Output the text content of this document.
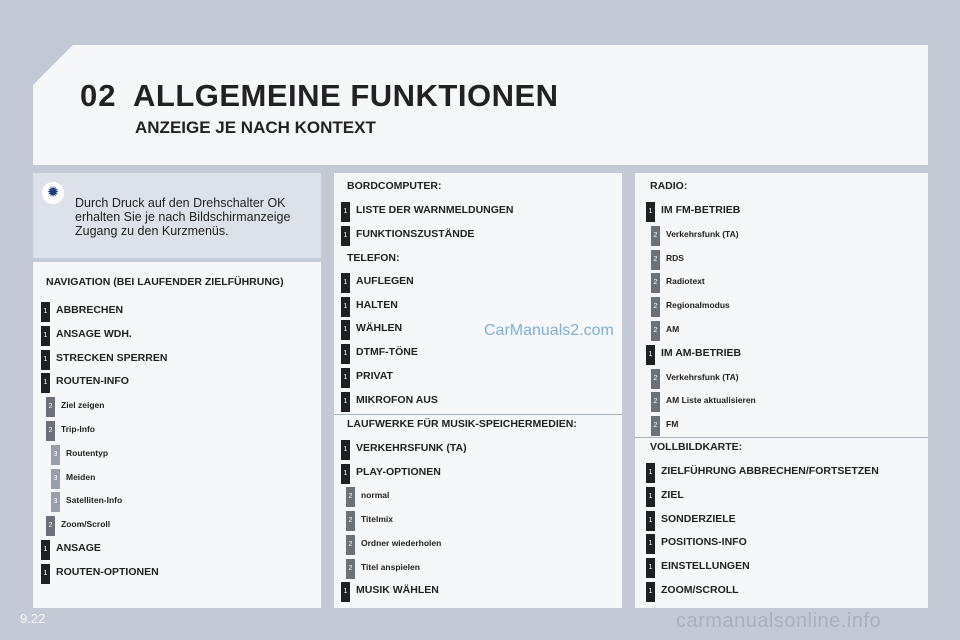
02 ALLGEMEINE FUNKTIONEN
ANZEIGE JE NACH KONTEXT
✹
Durch Druck auf den Drehschalter OK
erhalten Sie je nach Bildschirmanzeige
Zugang zu den Kurzmenüs.
NAVIGATION (BEI LAUFENDER ZIELFÜHRUNG)
BORDCOMPUTER:
TELEFON:
LAUFWERKE FÜR MUSIK-SPEICHERMEDIEN:
RADIO:
VOLLBILDKARTE:
CarManuals2.com
9.22	carmanualsonline.info
1 ABBRECHEN
1 ANSAGE WDH.
1 STRECKEN SPERREN
1 ROUTEN-INFO
2 Ziel zeigen
2 Trip-Info
3 Routentyp
3 Meiden
3 Satelliten-Info
2 Zoom/Scroll
1 ANSAGE
1 ROUTEN-OPTIONEN
1 LISTE DER WARNMELDUNGEN
1 FUNKTIONSZUSTÄNDE
1 AUFLEGEN
1 HALTEN
1 WÄHLEN
1 DTMF-TÖNE
1 PRIVAT
1 MIKROFON AUS
1 VERKEHRSFUNK (TA)
1 PLAY-OPTIONEN
2 normal
2 Titelmix
2 Ordner wiederholen
2 Titel anspielen
1 MUSIK WÄHLEN
1 IM FM-BETRIEB
2 Verkehrsfunk (TA)
2 RDS
2 Radiotext
2 Regionalmodus
2 AM
1 IM AM-BETRIEB
2 Verkehrsfunk (TA)
2 AM Liste aktualisieren
2 FM
1 ZIELFÜHRUNG ABBRECHEN/FORTSETZEN
1 ZIEL
1 SONDERZIELE
1 POSITIONS-INFO
1 EINSTELLUNGEN
1 ZOOM/SCROLL
